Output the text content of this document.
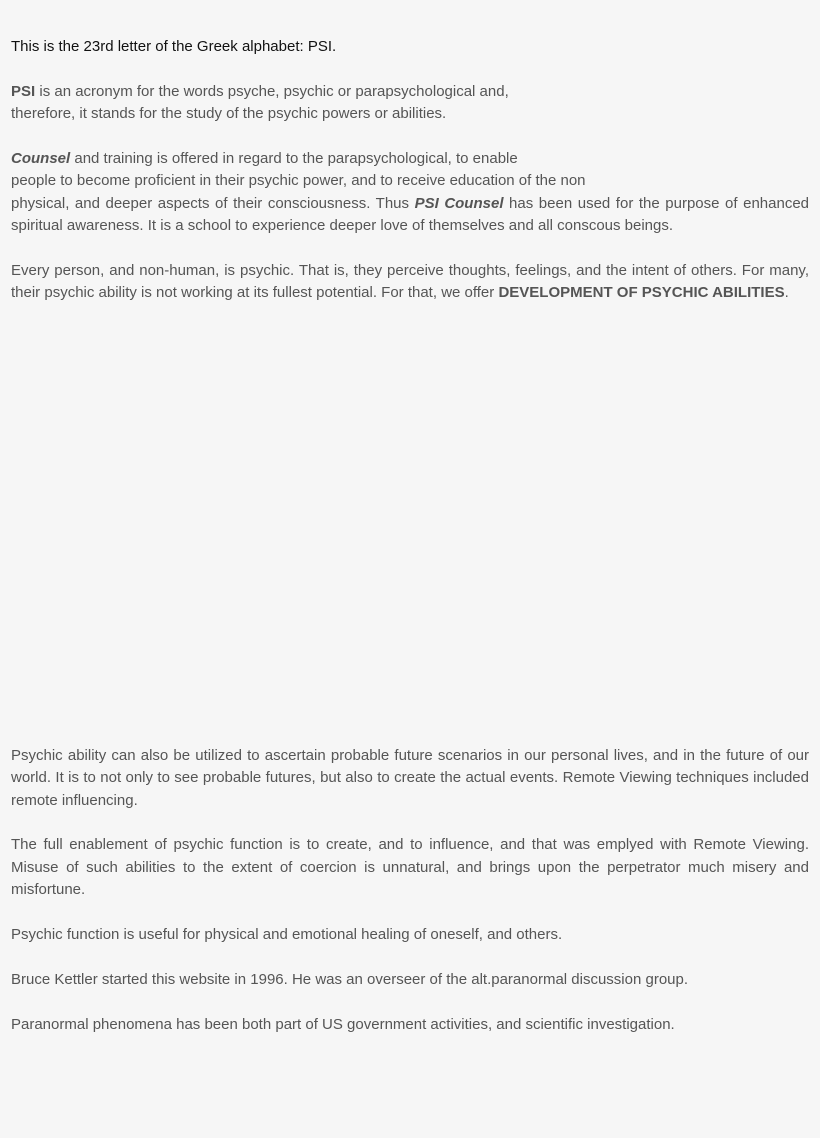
This is the 23rd letter of the Greek alphabet: PSI.

PSI is an acronym for the words psyche, psychic or parapsychological and,
therefore, it stands for the study of the psychic powers or abilities.

Counsel and training is offered in regard to the parapsychological, to enable
people to become proficient in their psychic power, and to receive education of the non
physical, and deeper aspects of their consciousness. Thus PSI Counsel has been used for the purpose of enhanced spiritual awareness. It is a school to experience deeper love of themselves and all conscous beings.

Every person, and non-human, is psychic. That is, they perceive thoughts, feelings, and the intent of others. For many, their psychic ability is not working at its fullest potential. For that, we offer DEVELOPMENT OF PSYCHIC ABILITIES.

Psychic ability can also be utilized to ascertain probable future scenarios in our personal lives, and in the future of our world. It is to not only to see probable futures, but also to create the actual events. Remote Viewing techniques included remote influencing.

The full enablement of psychic function is to create, and to influence, and that was emplyed with Remote Viewing. Misuse of such abilities to the extent of coercion is unnatural, and brings upon the perpetrator much misery and misfortune.

Psychic function is useful for physical and emotional healing of oneself, and others.

Bruce Kettler started this website in 1996. He was an overseer of the alt.paranormal discussion group.

Paranormal phenomena has been both part of US government activities, and scientific investigation.
